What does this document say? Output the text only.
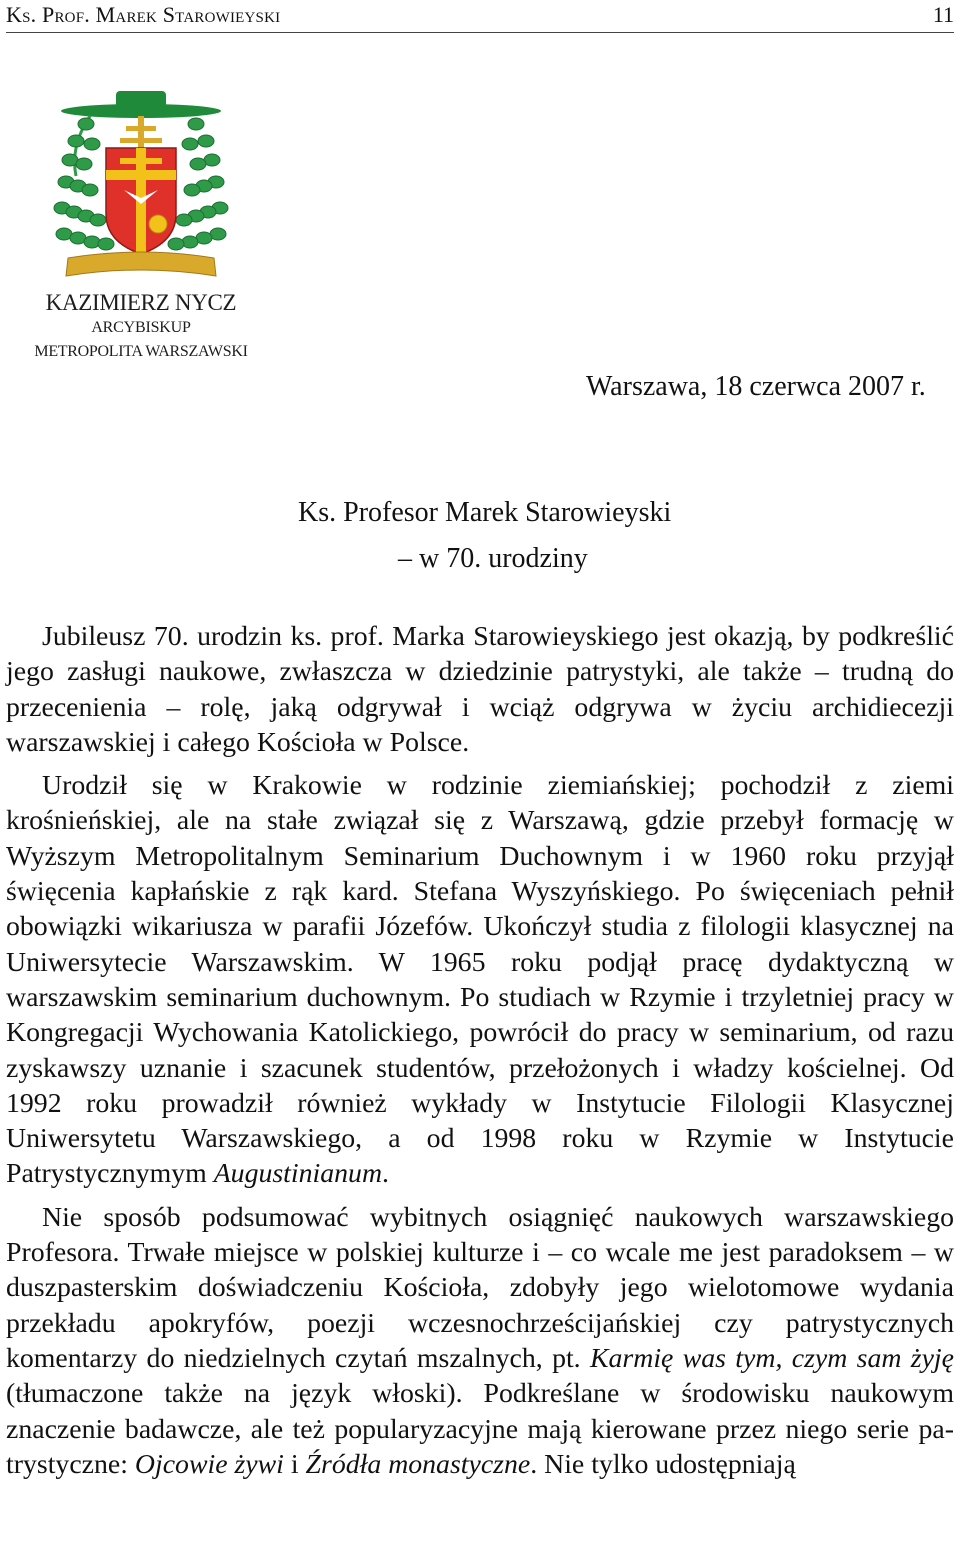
Ks. Prof. Marek Starowieyski	11
KAZIMIERZ NYCZ
ARCYBISKUP
METROPOLITA WARSZAWSKI
Warszawa, 18 czerwca 2007 r.
Ks. Profesor Marek Starowieyski
– w 70. urodziny

Jubileusz 70. urodzin ks. prof. Marka Starowieyskiego jest okazją, by podkreślić jego zasługi naukowe, zwłaszcza w dziedzinie patrystyki, ale także – trudną do przecenienia – rolę, jaką odgrywał i wciąż odgrywa w życiu archidiecezji warszawskiej i całego Kościoła w Polsce.

Urodził się w Krakowie w rodzinie ziemiańskiej; pochodził z ziemi krośnieńskiej, ale na stałe związał się z Warszawą, gdzie przebył formację w Wyższym Metropolitalnym Seminarium Duchownym i w 1960 roku przyjął święcenia kapłańskie z rąk kard. Stefana Wyszyńskiego. Po święceniach pełnił obowiązki wikariusza w parafii Józefów. Ukończył studia z filologii klasycznej na Uniwersytecie Warszawskim. W 1965 roku podjął pracę dydaktyczną w warszawskim seminarium duchownym. Po studiach w Rzymie i trzyletniej pracy w Kongregacji Wychowania Katolickiego, powrócił do pracy w seminarium, od razu zyskawszy uznanie i szacunek studentów, przełożonych i władzy kościelnej. Od 1992 roku prowadził również wykłady w Instytucie Filologii Klasycznej Uniwersytetu Warszawskiego, a od 1998 roku w Rzymie w Instytucie Patrystycznymym Augustinianum.

Nie sposób podsumować wybitnych osiągnięć naukowych warszawskiego Profesora. Trwałe miejsce w polskiej kulturze i – co wcale me jest paradoksem – w duszpasterskim doświadczeniu Kościoła, zdobyły jego wielotomowe wydania przekładu apokryfów, poezji wczesnochrześcijańskiej czy patrystycznych komentarzy do niedzielnych czytań mszalnych, pt. Karmię was tym, czym sam żyję (tłumaczone także na język włoski). Podkreślane w środowisku naukowym znaczenie badawcze, ale też popularyzacyjne mają kierowane przez niego serie patrystyczne: Ojcowie żywi i Źródła monastyczne. Nie tylko udostępniają
